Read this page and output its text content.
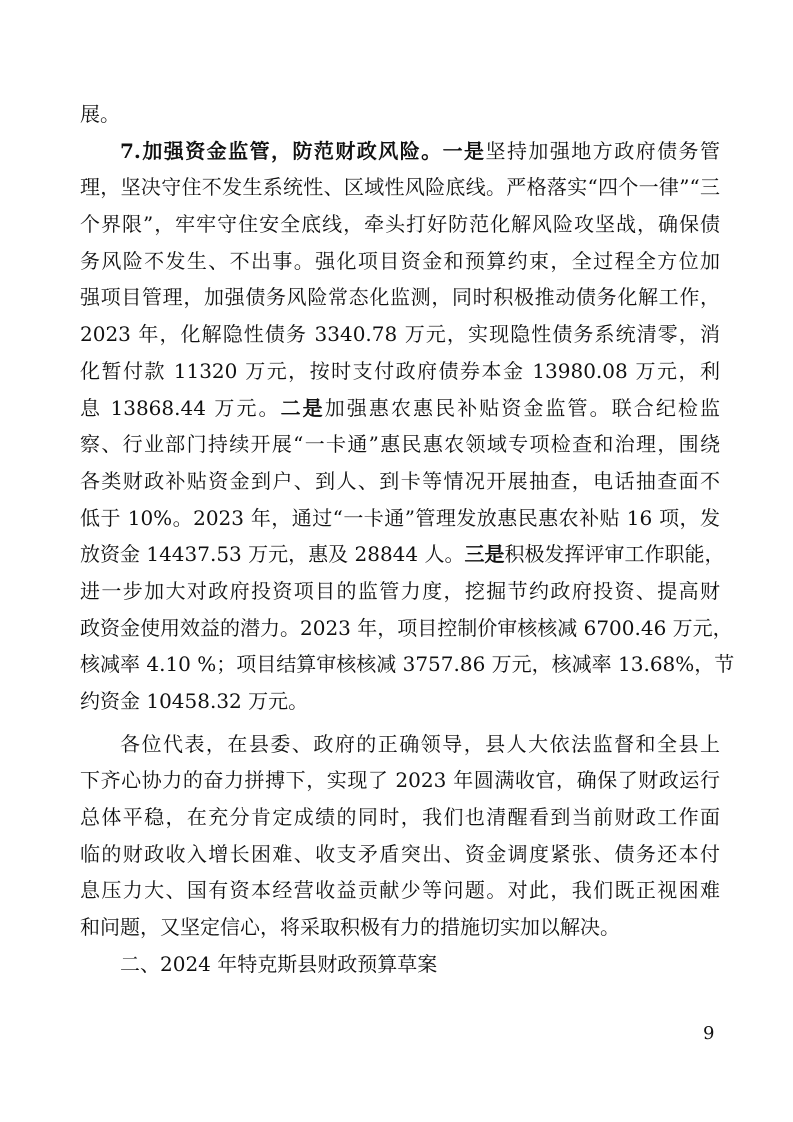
展。
7.加强资金监管，防范财政风险。一是坚持加强地方政府债务管
理，坚决守住不发生系统性、区域性风险底线。严格落实“四个一律”“三
个界限”，牢牢守住安全底线，牵头打好防范化解风险攻坚战，确保债
务风险不发生、不出事。强化项目资金和预算约束，全过程全方位加
强项目管理，加强债务风险常态化监测，同时积极推动债务化解工作，
2023 年，化解隐性债务 3340.78 万元，实现隐性债务系统清零，消
化暂付款 11320 万元，按时支付政府债券本金 13980.08 万元，利
息 13868.44 万元。二是加强惠农惠民补贴资金监管。联合纪检监
察、行业部门持续开展“一卡通”惠民惠农领域专项检查和治理，围绕
各类财政补贴资金到户、到人、到卡等情况开展抽查，电话抽查面不
低于 10%。2023 年，通过“一卡通”管理发放惠民惠农补贴 16 项，发
放资金 14437.53 万元，惠及 28844 人。三是积极发挥评审工作职能，
进一步加大对政府投资项目的监管力度，挖掘节约政府投资、提高财
政资金使用效益的潜力。2023 年，项目控制价审核核减 6700.46 万元，
核减率 4.10 %；项目结算审核核减 3757.86 万元，核减率 13.68%，节
约资金 10458.32 万元。
各位代表，在县委、政府的正确领导，县人大依法监督和全县上
下齐心协力的奋力拼搏下，实现了 2023 年圆满收官，确保了财政运行
总体平稳，在充分肯定成绩的同时，我们也清醒看到当前财政工作面
临的财政收入增长困难、收支矛盾突出、资金调度紧张、债务还本付
息压力大、国有资本经营收益贡献少等问题。对此，我们既正视困难
和问题，又坚定信心，将采取积极有力的措施切实加以解决。
二、2024 年特克斯县财政预算草案
9
